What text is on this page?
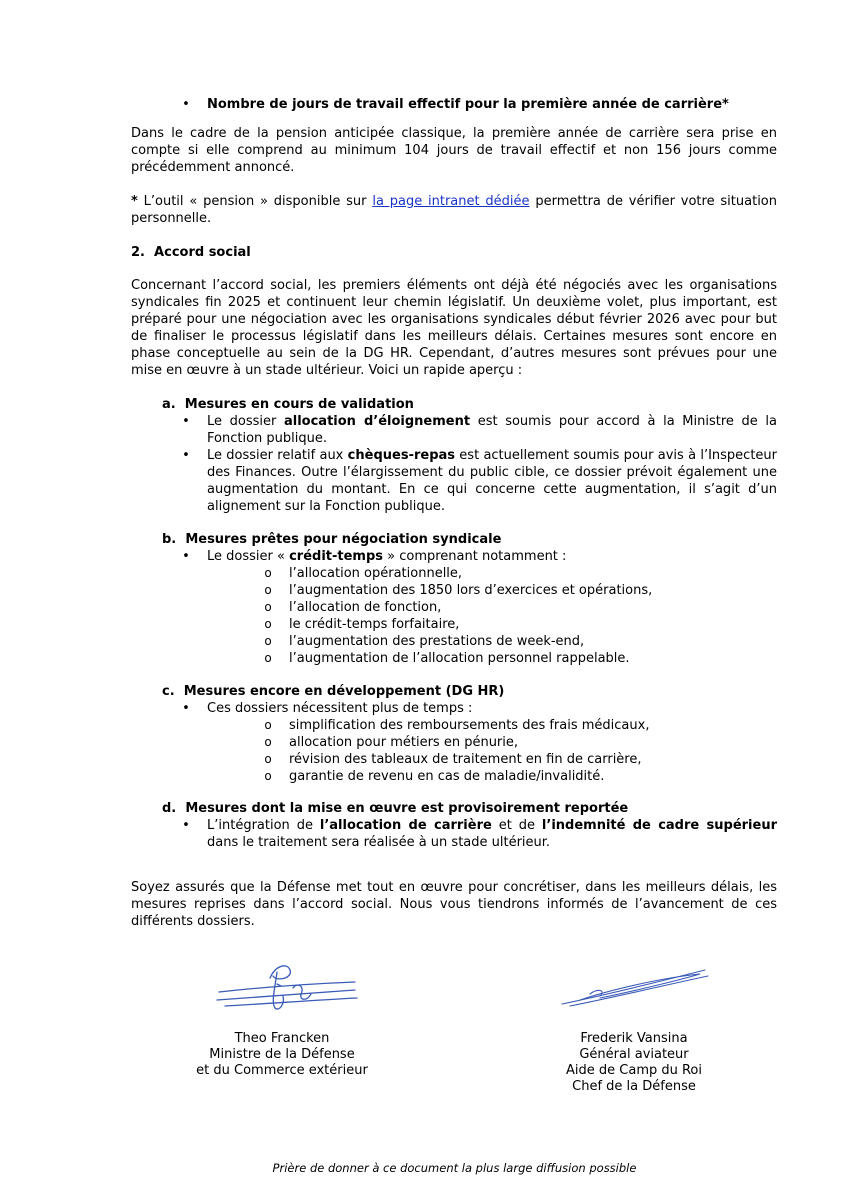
• Nombre de jours de travail effectif pour la première année de carrière*
Dans le cadre de la pension anticipée classique, la première année de carrière sera prise en compte si elle comprend au minimum 104 jours de travail effectif et non 156 jours comme précédemment annoncé.
* L’outil « pension » disponible sur la page intranet dédiée permettra de vérifier votre situation personnelle.
2. Accord social
Concernant l’accord social, les premiers éléments ont déjà été négociés avec les organisations syndicales fin 2025 et continuent leur chemin législatif. Un deuxième volet, plus important, est préparé pour une négociation avec les organisations syndicales début février 2026 avec pour but de finaliser le processus législatif dans les meilleurs délais. Certaines mesures sont encore en phase conceptuelle au sein de la DG HR. Cependant, d’autres mesures sont prévues pour une mise en œuvre à un stade ultérieur. Voici un rapide aperçu :
a. Mesures en cours de validation
• Le dossier allocation d’éloignement est soumis pour accord à la Ministre de la Fonction publique.
• Le dossier relatif aux chèques-repas est actuellement soumis pour avis à l’Inspecteur des Finances. Outre l’élargissement du public cible, ce dossier prévoit également une augmentation du montant. En ce qui concerne cette augmentation, il s’agit d’un alignement sur la Fonction publique.
b. Mesures prêtes pour négociation syndicale
• Le dossier « crédit-temps » comprenant notamment :
o l’allocation opérationnelle,
o l’augmentation des 1850 lors d’exercices et opérations,
o l’allocation de fonction,
o le crédit-temps forfaitaire,
o l’augmentation des prestations de week-end,
o l’augmentation de l’allocation personnel rappelable.
c. Mesures encore en développement (DG HR)
• Ces dossiers nécessitent plus de temps :
o simplification des remboursements des frais médicaux,
o allocation pour métiers en pénurie,
o révision des tableaux de traitement en fin de carrière,
o garantie de revenu en cas de maladie/invalidité.
d. Mesures dont la mise en œuvre est provisoirement reportée
• L’intégration de l’allocation de carrière et de l’indemnité de cadre supérieur dans le traitement sera réalisée à un stade ultérieur.
Soyez assurés que la Défense met tout en œuvre pour concrétiser, dans les meilleurs délais, les mesures reprises dans l’accord social. Nous vous tiendrons informés de l’avancement de ces différents dossiers.
Theo Francken
Ministre de la Défense
et du Commerce extérieur
Frederik Vansina
Général aviateur
Aide de Camp du Roi
Chef de la Défense
Prière de donner à ce document la plus large diffusion possible
